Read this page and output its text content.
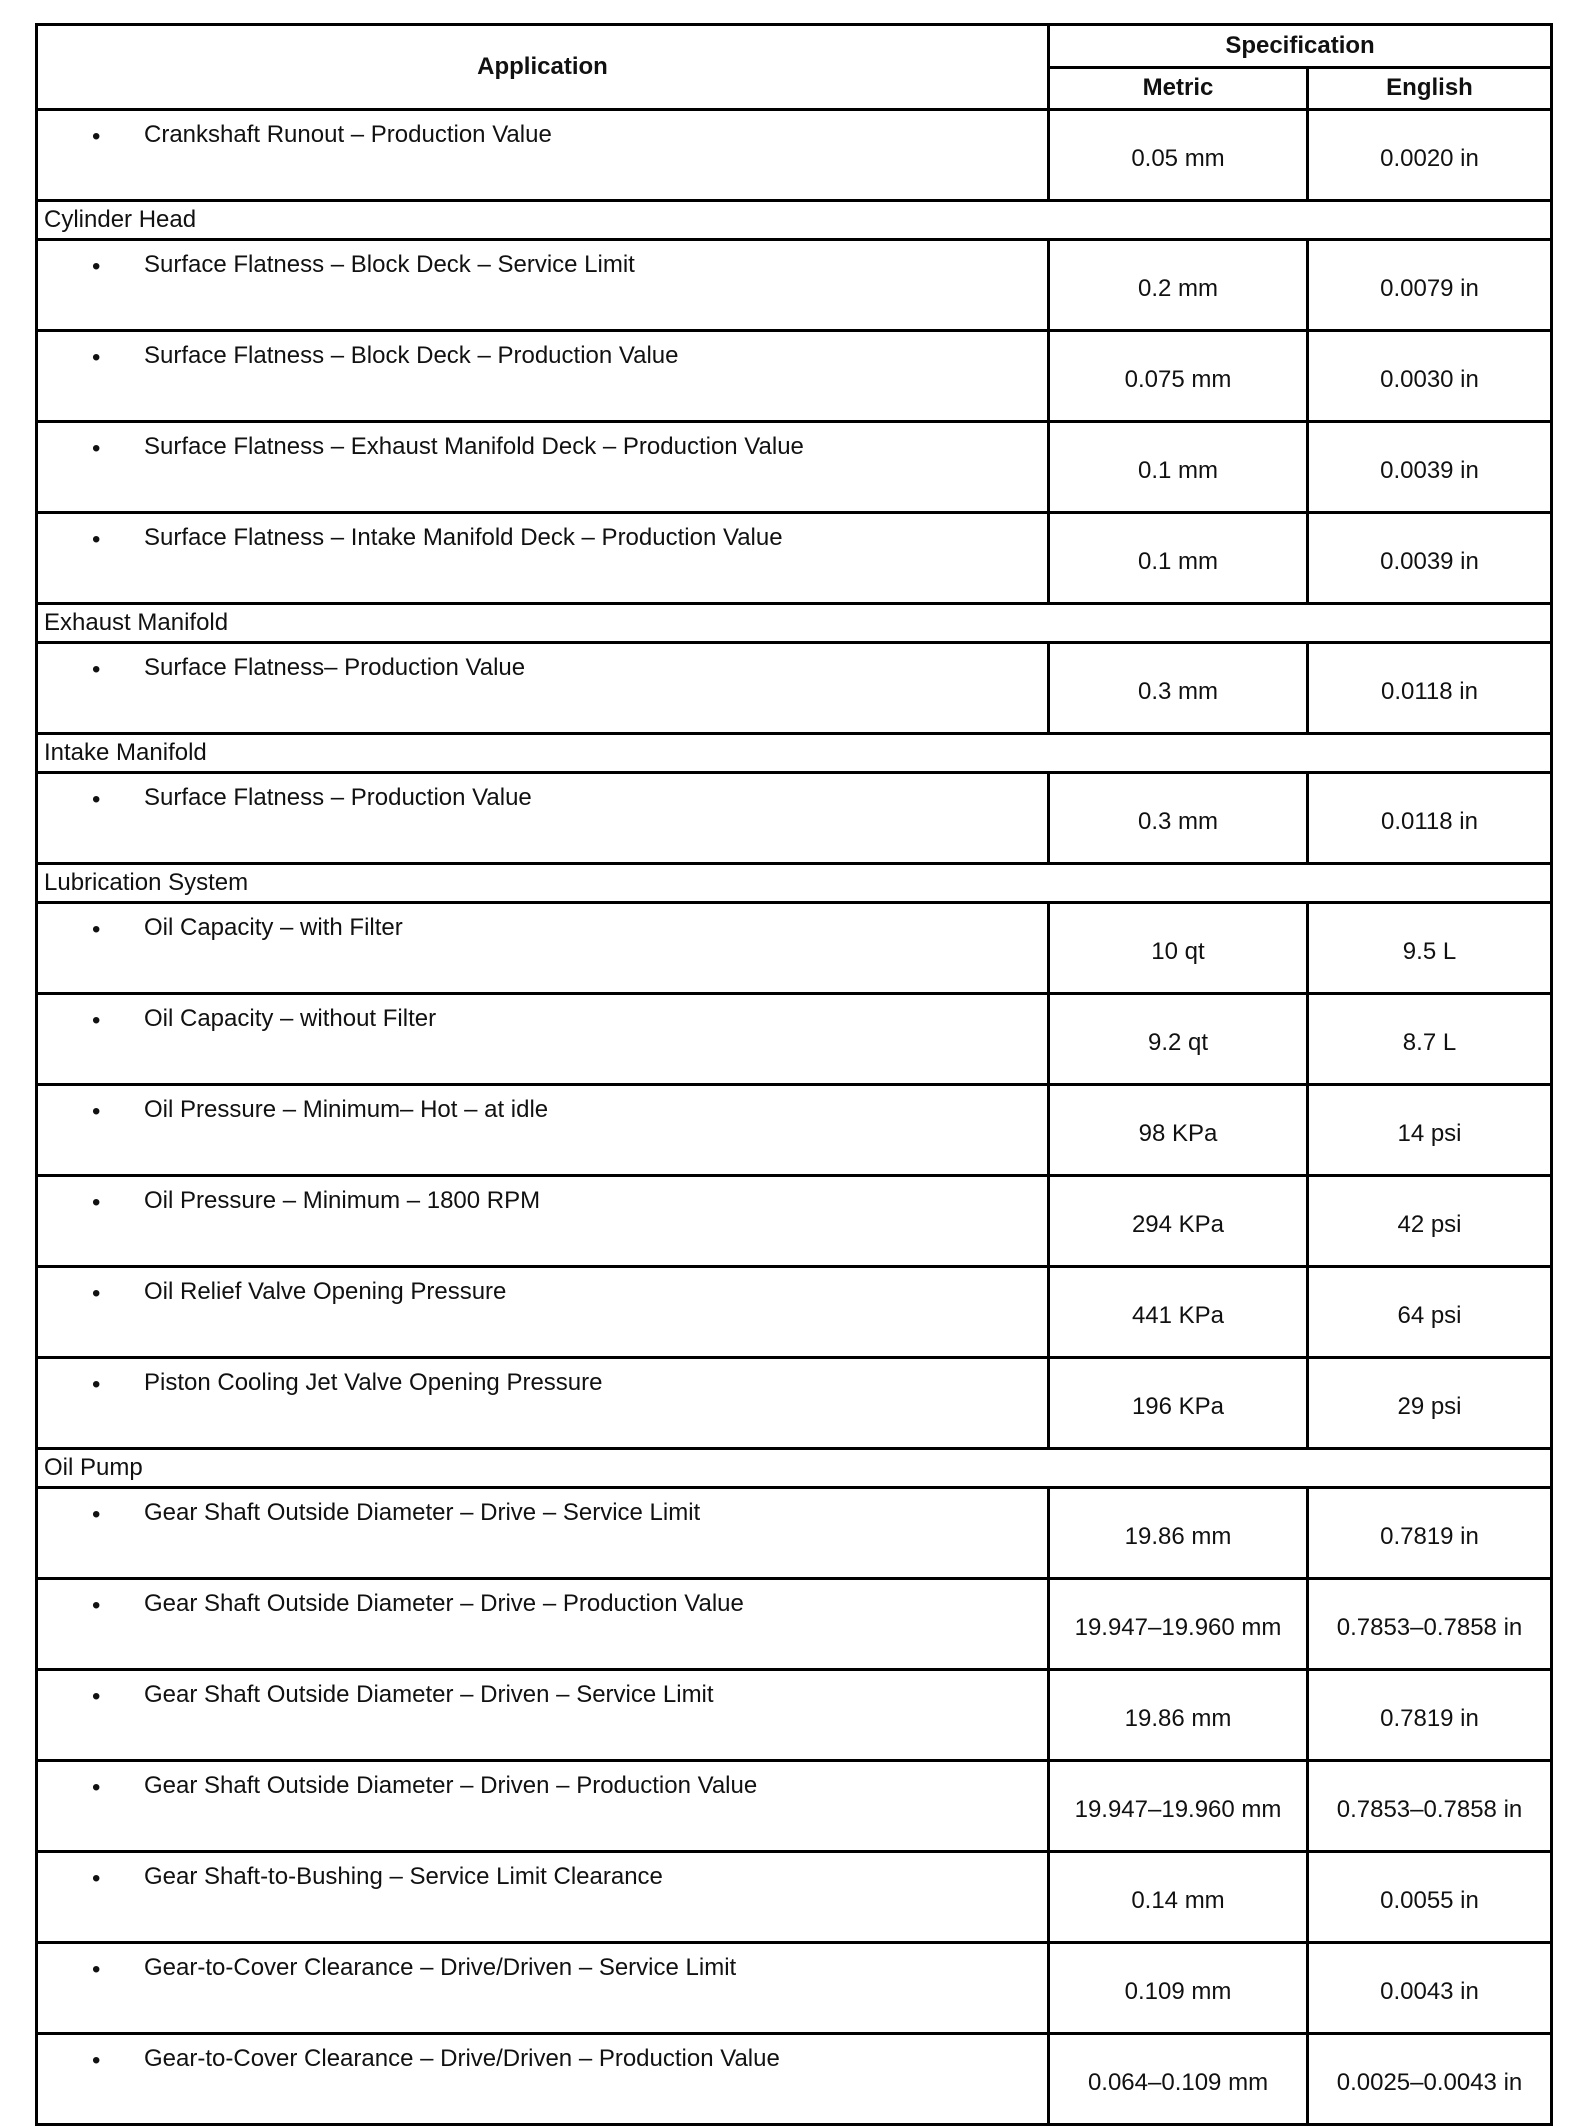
Application	Specification	
	Metric	English

• Crankshaft Runout – Production Value	0.05 mm	0.0020 in
Cylinder Head		

• Surface Flatness – Block Deck – Service Limit	0.2 mm	0.0079 in

• Surface Flatness – Block Deck – Production Value	0.075 mm	0.0030 in

• Surface Flatness – Exhaust Manifold Deck – Production Value	0.1 mm	0.0039 in

• Surface Flatness – Intake Manifold Deck – Production Value	0.1 mm	0.0039 in
Exhaust Manifold		

• Surface Flatness– Production Value	0.3 mm	0.0118 in
Intake Manifold		

• Surface Flatness – Production Value	0.3 mm	0.0118 in
Lubrication System		

• Oil Capacity – with Filter	10 qt	9.5 L

• Oil Capacity – without Filter	9.2 qt	8.7 L

• Oil Pressure – Minimum– Hot – at idle	98 KPa	14 psi

• Oil Pressure – Minimum – 1800 RPM	294 KPa	42 psi

• Oil Relief Valve Opening Pressure	441 KPa	64 psi

• Piston Cooling Jet Valve Opening Pressure	196 KPa	29 psi
Oil Pump		

• Gear Shaft Outside Diameter – Drive – Service Limit	19.86 mm	0.7819 in

• Gear Shaft Outside Diameter – Drive – Production Value	19.947–19.960 mm	0.7853–0.7858 in

• Gear Shaft Outside Diameter – Driven – Service Limit	19.86 mm	0.7819 in

• Gear Shaft Outside Diameter – Driven – Production Value	19.947–19.960 mm	0.7853–0.7858 in

• Gear Shaft-to-Bushing – Service Limit Clearance	0.14 mm	0.0055 in

• Gear-to-Cover Clearance – Drive/Driven – Service Limit	0.109 mm	0.0043 in

• Gear-to-Cover Clearance – Drive/Driven – Production Value	0.064–0.109 mm	0.0025–0.0043 in
